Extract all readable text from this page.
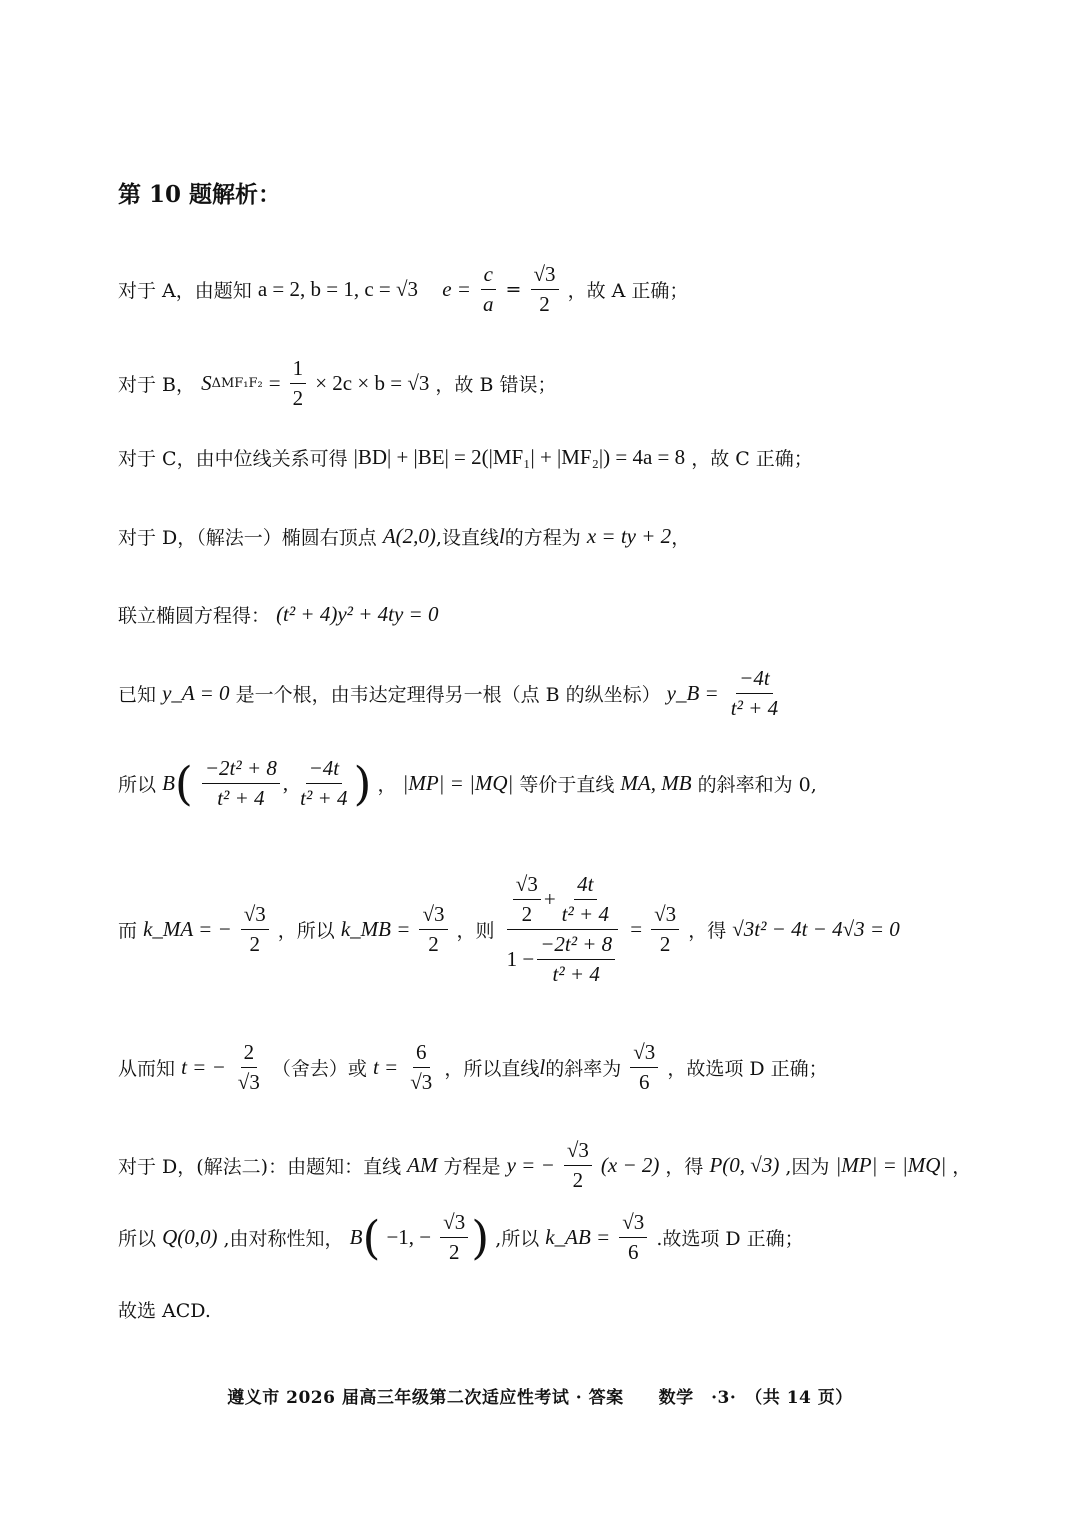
第 10 题解析：
对于 A，由题知 a = 2, b = 1, c = √3 $e = \frac{c}{a} = \frac{√3}{2}$ ，故 A 正确；
对于 B， $S\Delta MF_1F_2 = \frac{1}{2} \times 2c \times b = √3$ ，故 B 错误；
对于 C，由中位线关系可得 |BD| + |BE| = 2(|MF₁| + |MF₂|) = 4a = 8 ，故 C 正确；
对于 D，（解法一）椭圆右顶点 A(2,0),设直线l的方程为 x = ty + 2，
联立椭圆方程得： (t² + 4)y² + 4ty = 0
已知 y_A = 0 是一个根，由韦达定理得另一根（点 B 的纵坐标） y_B = $\frac{-4t}{\text{t² + 4}}$
所以 $B( \frac{\text{−2t² + 8}}{\text{t² + 4}}$ , $\frac{-4t}{\text{t² + 4}}$ ) ， |MP| = |MQ| 等价于直线 MA, MB 的斜率和为 0,
而 k_MA = − $\frac{√3}{2}$ ，所以 k_MB = $\frac{√3}{2}$ ，则 $\frac{\frac{√3}{2} + \frac{4t}{\text{t² + 4}}}{1 - \frac{\text{−2t² + 8}}{\text{t² + 4}}} = \frac{√3}{2}$ ，得 √3t² − 4t − 4√3 = 0
从而知 t = − $\frac{2}{√3}$ （舍去）或 $t = \frac{6}{√3}$ ，所以直线l的斜率为 $\frac{√3}{6}$ ，故选项 D 正确；
对于 D，(解法二)：由题知：直线 AM 方程是 y = − $\frac{√3}{2} (x - 2)$ ，得 P(0, √3) ,因为 |MP| = |MQ| ，
所以 Q(0,0) ,由对称性知， B( −1, − $\frac{√3}{2}$ ) ,所以 k_AB = $\frac{√3}{6}$ .故选项 D 正确；
故选 ACD.
遵义市 2026 届高三年级第二次适应性考试 · 答案　　数学　·3·　（共 14 页）
